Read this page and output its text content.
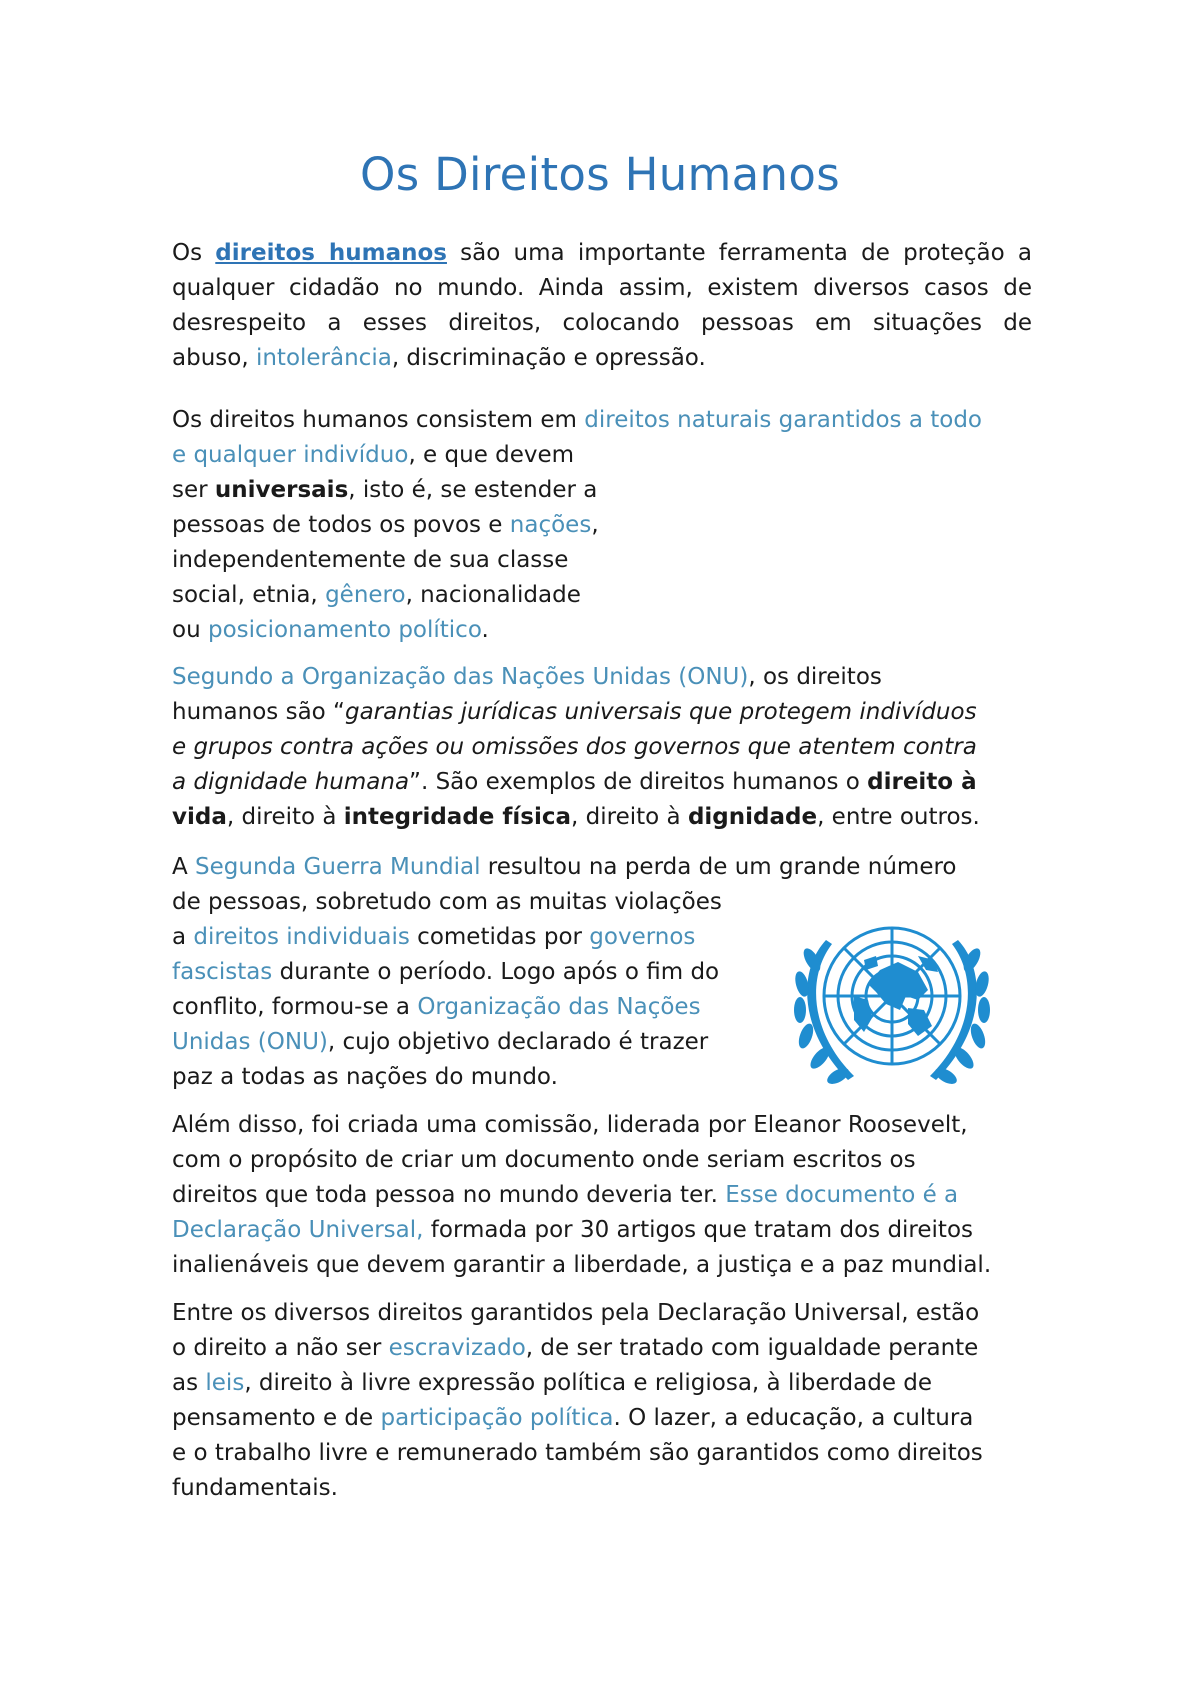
Os Direitos Humanos

Os direitos humanos são uma importante ferramenta de proteção a
qualquer cidadão no mundo. Ainda assim, existem diversos casos de
desrespeito a esses direitos, colocando pessoas em situações de
abuso, intolerância, discriminação e opressão.

Os direitos humanos consistem em direitos naturais garantidos a todo
e qualquer indivíduo, e que devem
ser universais, isto é, se estender a
pessoas de todos os povos e nações,
independentemente de sua classe
social, etnia, gênero, nacionalidade
ou posicionamento político.

Segundo a Organização das Nações Unidas (ONU), os direitos
humanos são “garantias jurídicas universais que protegem indivíduos
e grupos contra ações ou omissões dos governos que atentem contra
a dignidade humana”. São exemplos de direitos humanos o direito à
vida, direito à integridade física, direito à dignidade, entre outros.

A Segunda Guerra Mundial resultou na perda de um grande número
de pessoas, sobretudo com as muitas violações
a direitos individuais cometidas por governos
fascistas durante o período. Logo após o fim do
conflito, formou-se a Organização das Nações
Unidas (ONU), cujo objetivo declarado é trazer
paz a todas as nações do mundo.

Além disso, foi criada uma comissão, liderada por Eleanor Roosevelt,
com o propósito de criar um documento onde seriam escritos os
direitos que toda pessoa no mundo deveria ter. Esse documento é a
Declaração Universal, formada por 30 artigos que tratam dos direitos
inalienáveis que devem garantir a liberdade, a justiça e a paz mundial.

Entre os diversos direitos garantidos pela Declaração Universal, estão
o direito a não ser escravizado, de ser tratado com igualdade perante
as leis, direito à livre expressão política e religiosa, à liberdade de
pensamento e de participação política. O lazer, a educação, a cultura
e o trabalho livre e remunerado também são garantidos como direitos
fundamentais.
